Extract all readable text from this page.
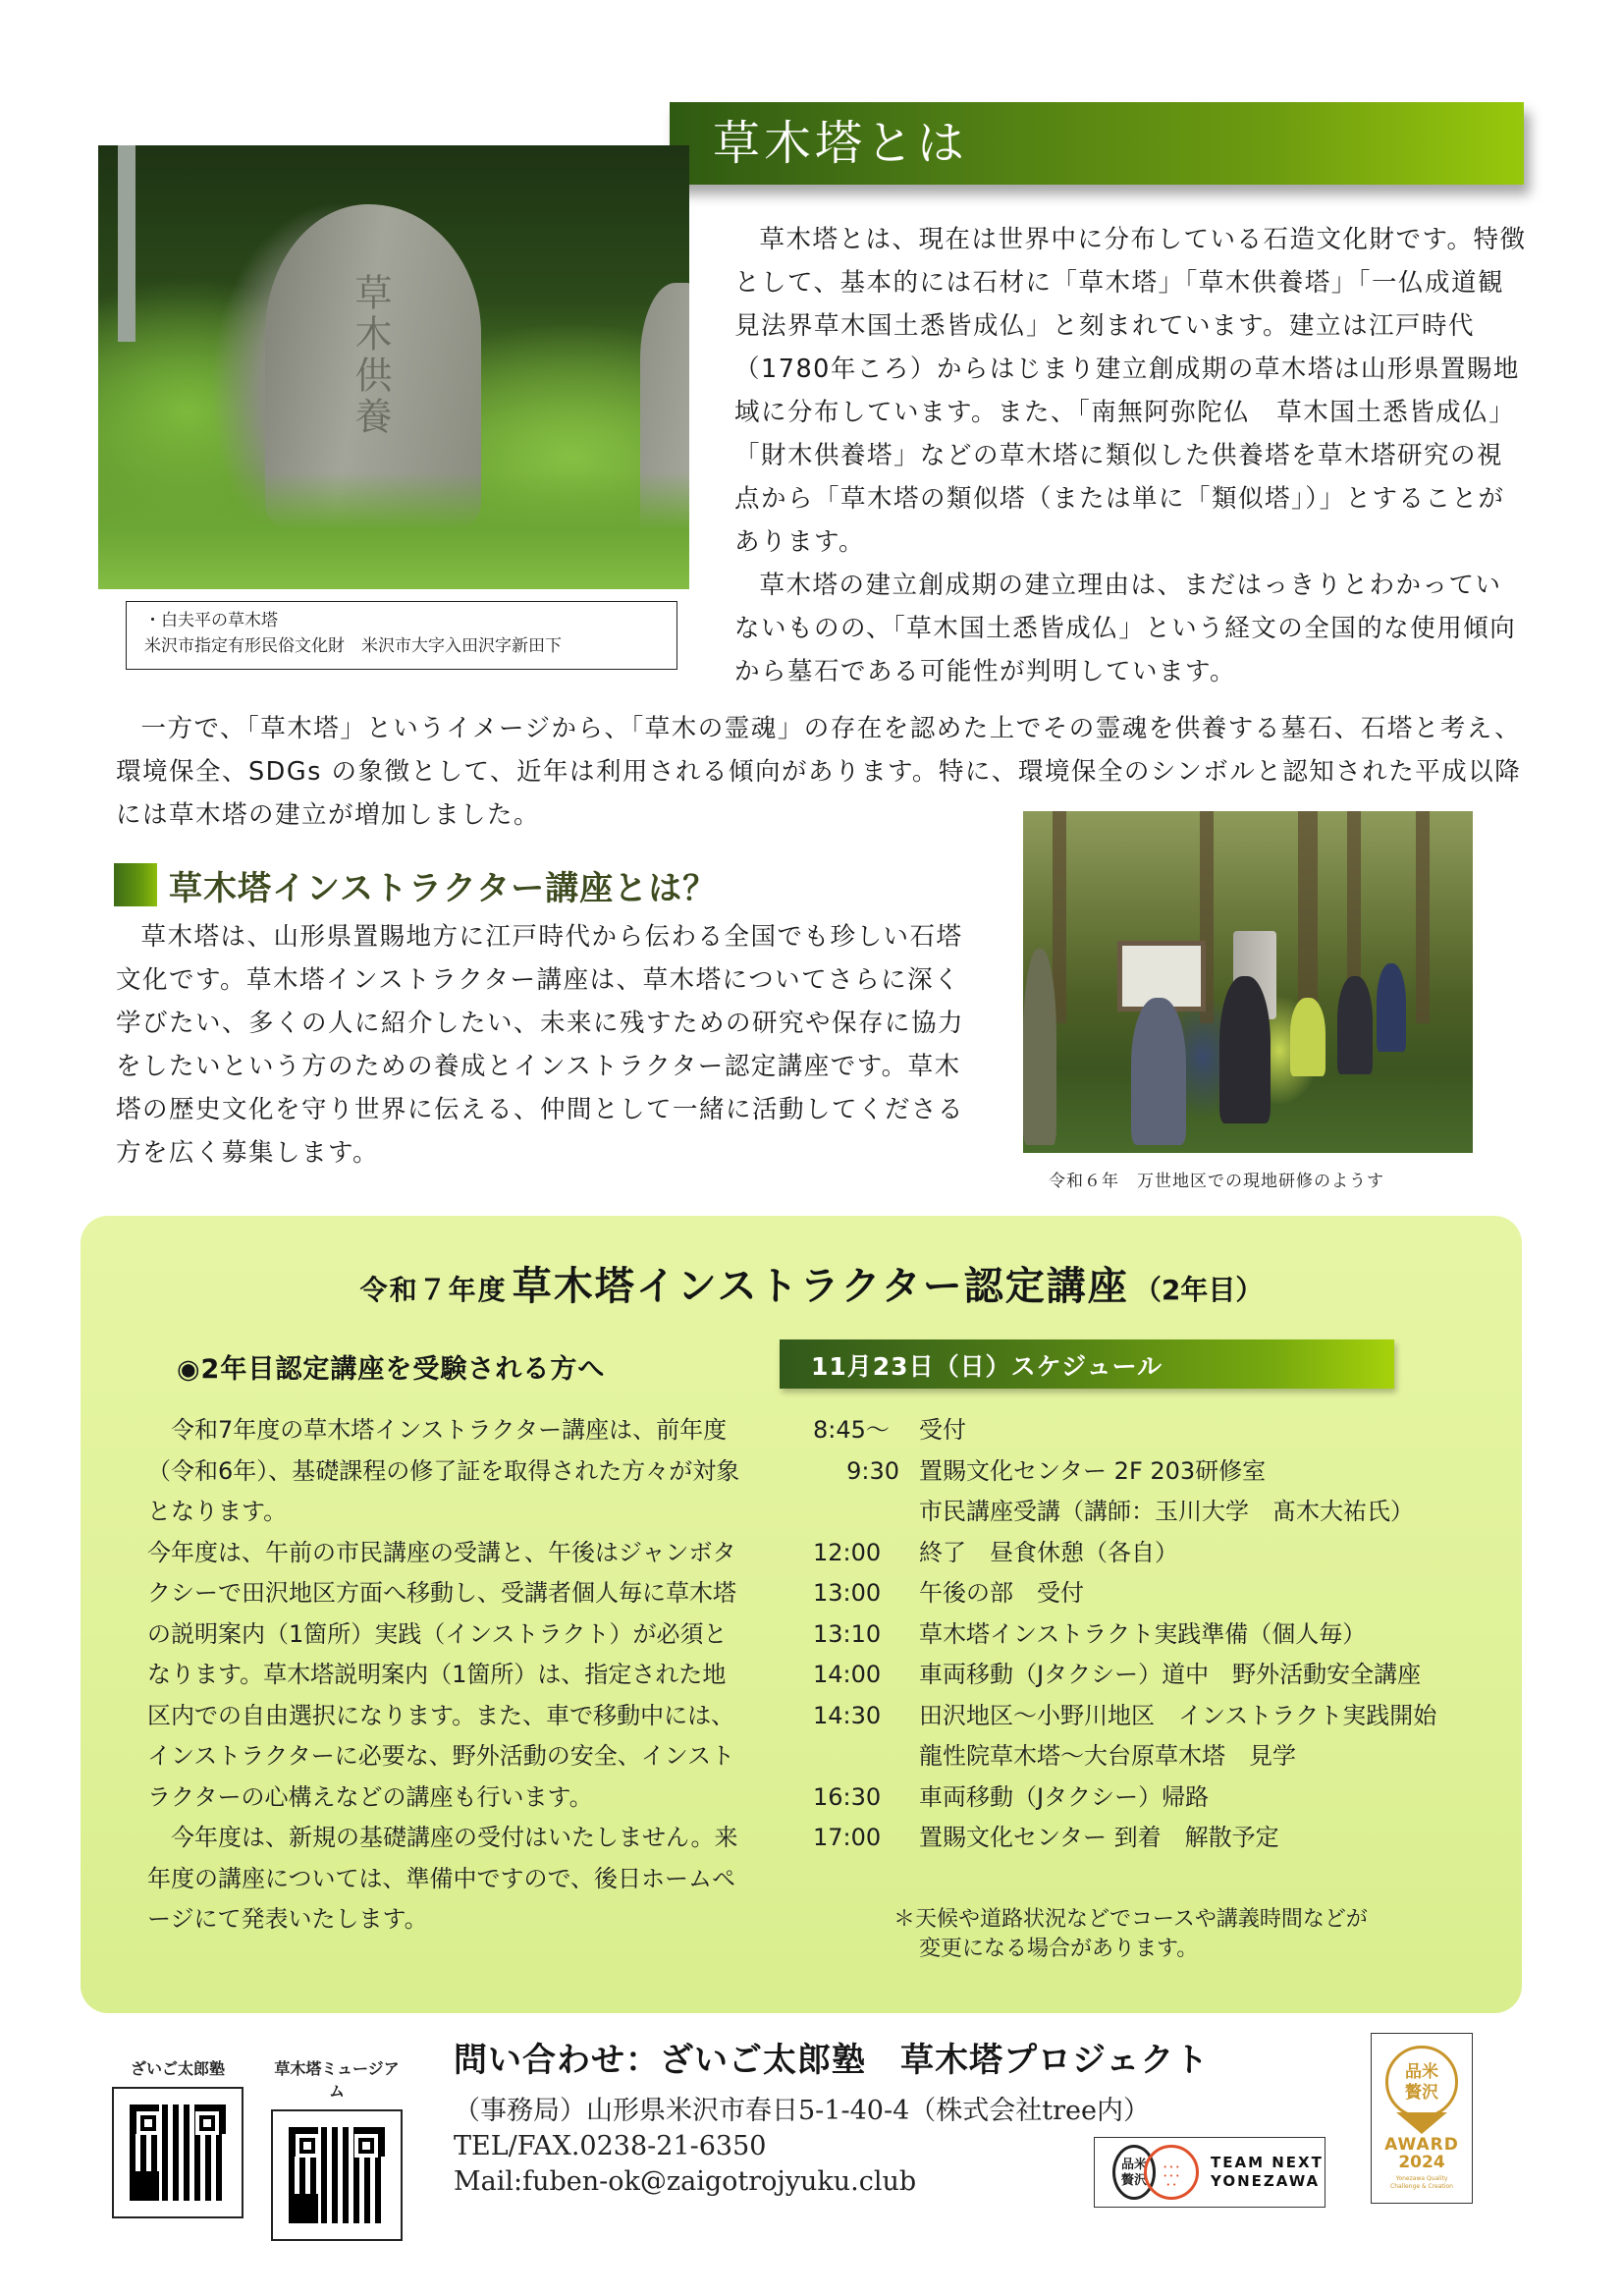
草木塔とは
草木供養
・白夫平の草木塔
米沢市指定有形民俗文化財　米沢市大字入田沢字新田下

草木塔とは、現在は世界中に分布している石造文化財です。特徴として、基本的には石材に「草木塔」「草木供養塔」「一仏成道観見法界草木国土悉皆成仏」と刻まれています。建立は江戸時代（1780年ころ）からはじまり建立創成期の草木塔は山形県置賜地域に分布しています。また、「南無阿弥陀仏　草木国土悉皆成仏」「財木供養塔」などの草木塔に類似した供養塔を草木塔研究の視点から「草木塔の類似塔（または単に「類似塔」）」とすることがあります。

草木塔の建立創成期の建立理由は、まだはっきりとわかっていないものの、「草木国土悉皆成仏」という経文の全国的な使用傾向から墓石である可能性が判明しています。

一方で、「草木塔」というイメージから、「草木の霊魂」の存在を認めた上でその霊魂を供養する墓石、石塔と考え、環境保全、SDGs の象徴として、近年は利用される傾向があります。特に、環境保全のシンボルと認知された平成以降には草木塔の建立が増加しました。

草木塔インストラクター講座とは？

草木塔は、山形県置賜地方に江戸時代から伝わる全国でも珍しい石塔文化です。草木塔インストラクター講座は、草木塔についてさらに深く学びたい、多くの人に紹介したい、未来に残すための研究や保存に協力をしたいという方のための養成とインストラクター認定講座です。草木塔の歴史文化を守り世界に伝える、仲間として一緒に活動してくださる方を広く募集します。

令和６年　万世地区での現地研修のようす
令和７年度 草木塔インストラクター認定講座 （2年目）
◉2年目認定講座を受験される方へ	11月23日（日）スケジュール

令和7年度の草木塔インストラクター講座は、前年度（令和6年）、基礎課程の修了証を取得された方々が対象となります。

今年度は、午前の市民講座の受講と、午後はジャンボタクシーで田沢地区方面へ移動し、受講者個人毎に草木塔の説明案内（1箇所）実践（インストラクト）が必須となります。草木塔説明案内（1箇所）は、指定された地区内での自由選択になります。また、車で移動中には、インストラクターに必要な、野外活動の安全、インストラクターの心構えなどの講座も行います。

今年度は、新規の基礎講座の受付はいたしません。来年度の講座については、準備中ですので、後日ホームページにて発表いたします。

8:45～	受付
9:30 置賜文化センター 2F 203研修室
市民講座受講（講師：玉川大学　髙木大祐氏）
12:00	終了　昼食休憩（各自）
13:00	午後の部　受付
13:10	草木塔インストラクト実践準備（個人毎）
14:00	車両移動（Jタクシー）道中　野外活動安全講座
14:30	田沢地区～小野川地区　インストラクト実践開始
龍性院草木塔～大台原草木塔　見学
16:30	車両移動（Jタクシー）帰路
17:00	置賜文化センター 到着　解散予定
＊天候や道路状況などでコースや講義時間などが
変更になる場合があります。
ざいご太郎塾	草木塔ミュージアム
問い合わせ：ざいご太郎塾　草木塔プロジェクト
（事務局）山形県米沢市春日5-1-40-4（株式会社tree内）
TEL/FAX.0238-21-6350
Mail:fuben-ok@zaigotrojyuku.club
品米
贅沢
• • •
• • •
• •
TEAM NEXT
YONEZAWA
品米
贅沢
AWARD
2024
Yonezawa Quality
Challenge & Creation
